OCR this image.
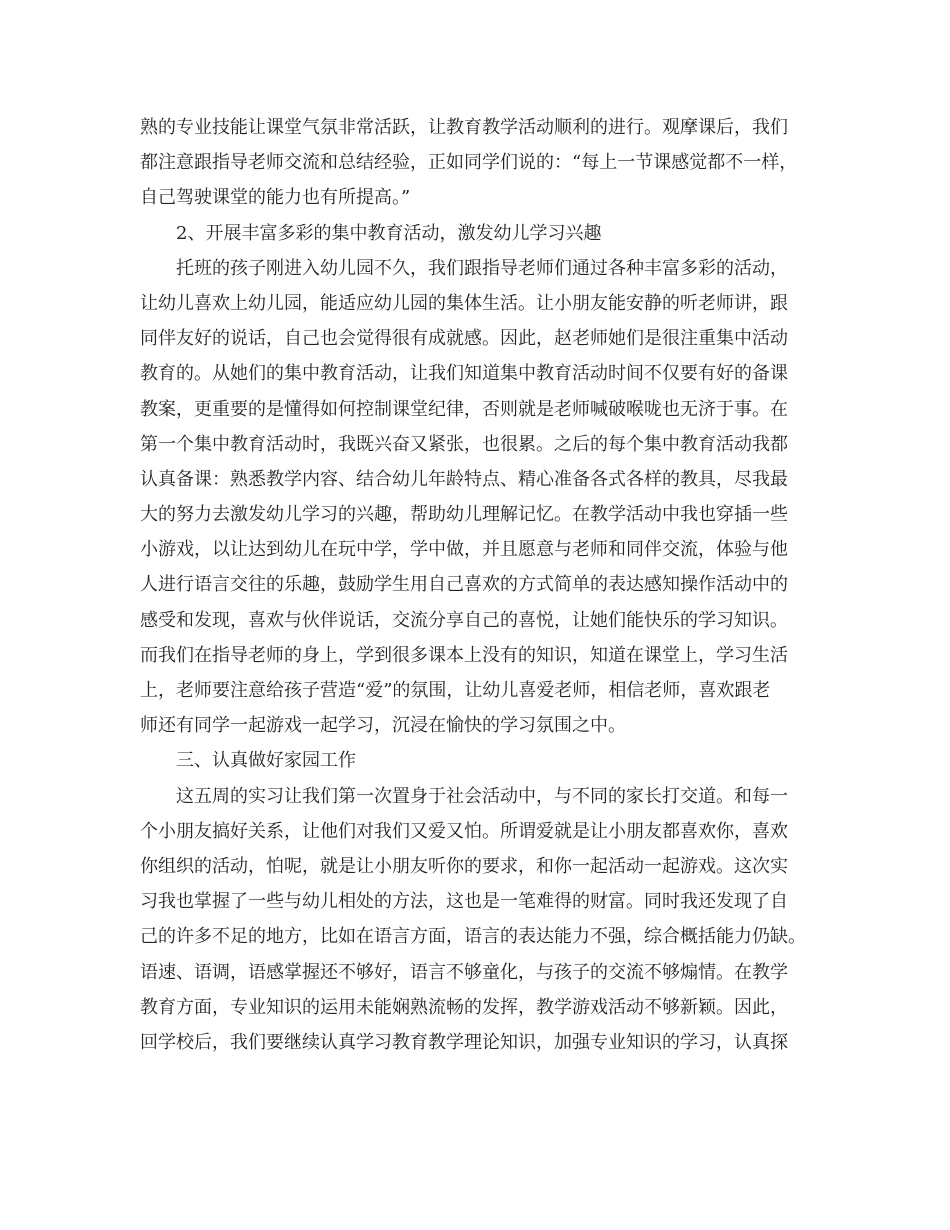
熟的专业技能让课堂气氛非常活跃，让教育教学活动顺利的进行。观摩课后，我们
都注意跟指导老师交流和总结经验，正如同学们说的：“每上一节课感觉都不一样，
自己驾驶课堂的能力也有所提高。”
2、开展丰富多彩的集中教育活动，激发幼儿学习兴趣
托班的孩子刚进入幼儿园不久，我们跟指导老师们通过各种丰富多彩的活动，
让幼儿喜欢上幼儿园，能适应幼儿园的集体生活。让小朋友能安静的听老师讲，跟
同伴友好的说话，自己也会觉得很有成就感。因此，赵老师她们是很注重集中活动
教育的。从她们的集中教育活动，让我们知道集中教育活动时间不仅要有好的备课
教案，更重要的是懂得如何控制课堂纪律，否则就是老师喊破喉咙也无济于事。在
第一个集中教育活动时，我既兴奋又紧张，也很累。之后的每个集中教育活动我都
认真备课：熟悉教学内容、结合幼儿年龄特点、精心准备各式各样的教具，尽我最
大的努力去激发幼儿学习的兴趣，帮助幼儿理解记忆。在教学活动中我也穿插一些
小游戏，以让达到幼儿在玩中学，学中做，并且愿意与老师和同伴交流，体验与他
人进行语言交往的乐趣，鼓励学生用自己喜欢的方式简单的表达感知操作活动中的
感受和发现，喜欢与伙伴说话，交流分享自己的喜悦，让她们能快乐的学习知识。
而我们在指导老师的身上，学到很多课本上没有的知识，知道在课堂上，学习生活
上，老师要注意给孩子营造“爱”的氛围，让幼儿喜爱老师，相信老师，喜欢跟老
师还有同学一起游戏一起学习，沉浸在愉快的学习氛围之中。
三、认真做好家园工作
这五周的实习让我们第一次置身于社会活动中，与不同的家长打交道。和每一
个小朋友搞好关系，让他们对我们又爱又怕。所谓爱就是让小朋友都喜欢你，喜欢
你组织的活动，怕呢，就是让小朋友听你的要求，和你一起活动一起游戏。这次实
习我也掌握了一些与幼儿相处的方法，这也是一笔难得的财富。同时我还发现了自
己的许多不足的地方，比如在语言方面，语言的表达能力不强，综合概括能力仍缺。
语速、语调，语感掌握还不够好，语言不够童化，与孩子的交流不够煽情。在教学
教育方面，专业知识的运用未能娴熟流畅的发挥，教学游戏活动不够新颖。因此，
回学校后，我们要继续认真学习教育教学理论知识，加强专业知识的学习，认真探
